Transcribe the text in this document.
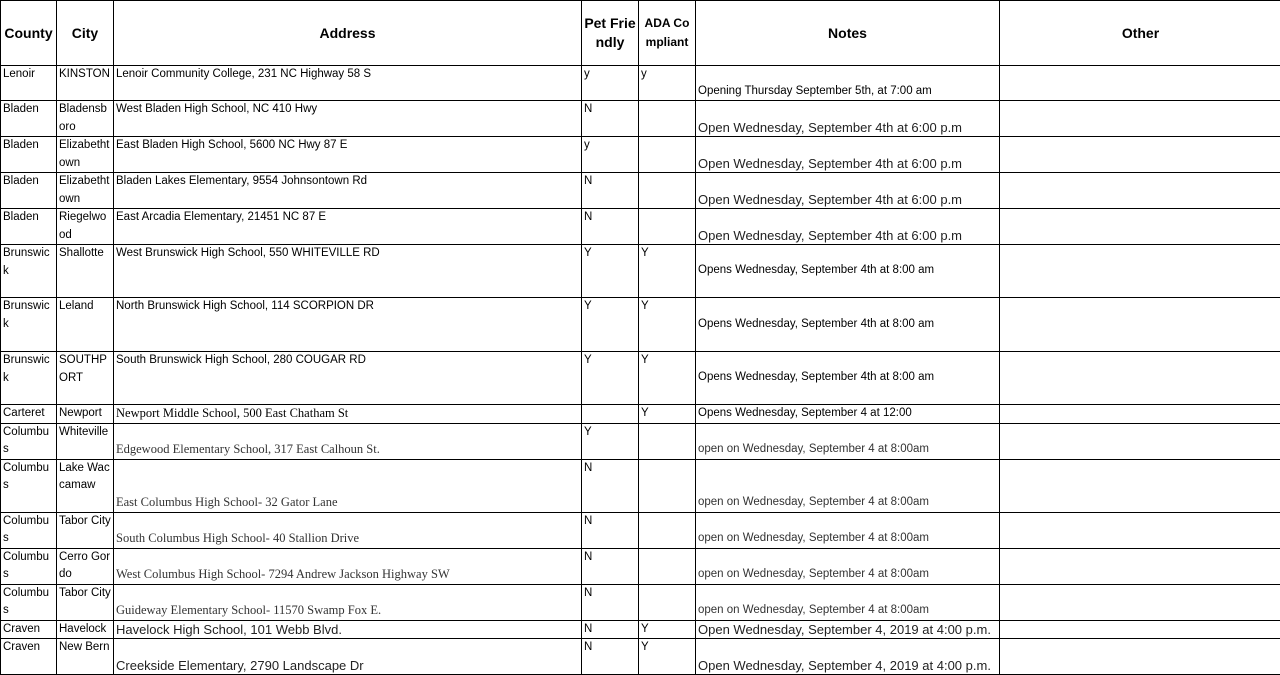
County	City	Address	Pet Friendly	ADA Compliant	Notes	Other
Lenoir	KINSTON	Lenoir Community College, 231 NC Highway 58 S	y	y	Opening Thursday September 5th, at 7:00 am	
Bladen	Bladensboro	West Bladen High School, NC 410 Hwy	N		Open Wednesday, September 4th at 6:00 p.m	
Bladen	Elizabethtown	East Bladen High School, 5600 NC Hwy 87 E	y		Open Wednesday, September 4th at 6:00 p.m	
Bladen	Elizabethtown	Bladen Lakes Elementary, 9554 Johnsontown Rd	N		Open Wednesday, September 4th at 6:00 p.m	
Bladen	Riegelwood	East Arcadia Elementary, 21451 NC 87 E	N		Open Wednesday, September 4th at 6:00 p.m	
Brunswick	Shallotte	West Brunswick High School, 550 WHITEVILLE RD	Y	Y	Opens Wednesday, September 4th at 8:00 am	
Brunswick	Leland	North Brunswick High School, 114 SCORPION DR	Y	Y	Opens Wednesday, September 4th at 8:00 am	
Brunswick	SOUTHPORT	South Brunswick High School, 280 COUGAR RD	Y	Y	Opens Wednesday, September 4th at 8:00 am	
Carteret	Newport	Newport Middle School, 500 East Chatham St		Y	Opens Wednesday, September 4 at 12:00	
Columbus	Whiteville	Edgewood Elementary School, 317 East Calhoun St.	Y		open on Wednesday, September 4 at 8:00am	
Columbus	Lake Waccamaw	East Columbus High School- 32 Gator Lane	N		open on Wednesday, September 4 at 8:00am	
Columbus	Tabor City	South Columbus High School- 40 Stallion Drive	N		open on Wednesday, September 4 at 8:00am	
Columbus	Cerro Gordo	West Columbus High School- 7294 Andrew Jackson Highway SW	N		open on Wednesday, September 4 at 8:00am	
Columbus	Tabor City	Guideway Elementary School- 11570 Swamp Fox E.	N		open on Wednesday, September 4 at 8:00am	
Craven	Havelock	Havelock High School, 101 Webb Blvd.	N	Y	Open Wednesday, September 4, 2019 at 4:00 p.m.	
Craven	New Bern	Creekside Elementary, 2790 Landscape Dr	N	Y	Open Wednesday, September 4, 2019 at 4:00 p.m.	
